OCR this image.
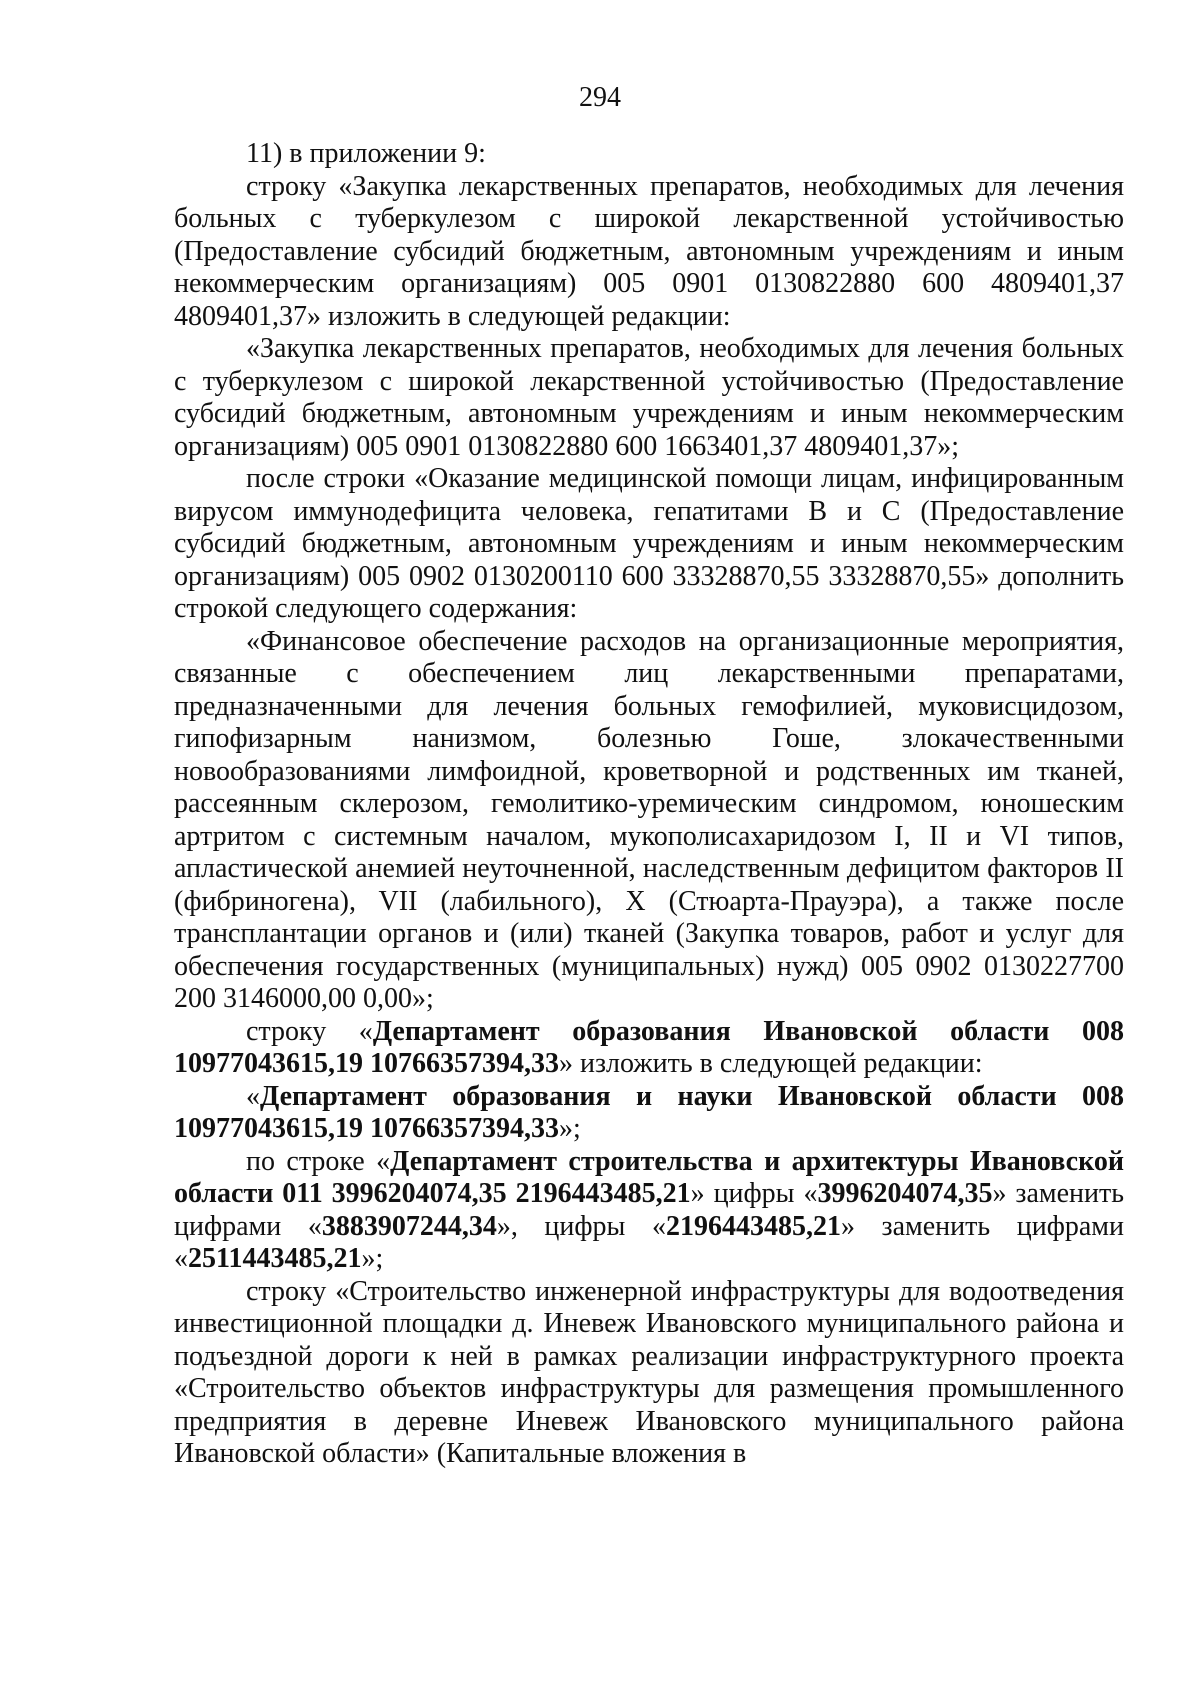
294

11) в приложении 9:

строку «Закупка лекарственных препаратов, необходимых для лечения больных с туберкулезом с широкой лекарственной устойчивостью (Предоставление субсидий бюджетным, автономным учреждениям и иным некоммерческим организациям) 005 0901 0130822880 600 4809401,37 4809401,37» изложить в следующей редакции:

«Закупка лекарственных препаратов, необходимых для лечения больных с туберкулезом с широкой лекарственной устойчивостью (Предоставление субсидий бюджетным, автономным учреждениям и иным некоммерческим организациям) 005 0901 0130822880 600 1663401,37 4809401,37»;

после строки «Оказание медицинской помощи лицам, инфицированным вирусом иммунодефицита человека, гепатитами B и C (Предоставление субсидий бюджетным, автономным учреждениям и иным некоммерческим организациям) 005 0902 0130200110 600 33328870,55 33328870,55» дополнить строкой следующего содержания:

«Финансовое обеспечение расходов на организационные мероприятия, связанные с обеспечением лиц лекарственными препаратами, предназначенными для лечения больных гемофилией, муковисцидозом, гипофизарным нанизмом, болезнью Гоше, злокачественными новообразованиями лимфоидной, кроветворной и родственных им тканей, рассеянным склерозом, гемолитико-уремическим синдромом, юношеским артритом с системным началом, мукополисахаридозом I, II и VI типов, апластической анемией неуточненной, наследственным дефицитом факторов II (фибриногена), VII (лабильного), X (Стюарта-Прауэра), а также после трансплантации органов и (или) тканей (Закупка товаров, работ и услуг для обеспечения государственных (муниципальных) нужд) 005 0902 0130227700 200 3146000,00 0,00»;

строку «Департамент образования Ивановской области 008 10977043615,19 10766357394,33» изложить в следующей редакции:

«Департамент образования и науки Ивановской области 008 10977043615,19 10766357394,33»;

по строке «Департамент строительства и архитектуры Ивановской области 011 3996204074,35 2196443485,21» цифры «3996204074,35» заменить цифрами «3883907244,34», цифры «2196443485,21» заменить цифрами «2511443485,21»;

строку «Строительство инженерной инфраструктуры для водоотведения инвестиционной площадки д. Иневеж Ивановского муниципального района и подъездной дороги к ней в рамках реализации инфраструктурного проекта «Строительство объектов инфраструктуры для размещения промышленного предприятия в деревне Иневеж Ивановского муниципального района Ивановской области» (Капитальные вложения в
